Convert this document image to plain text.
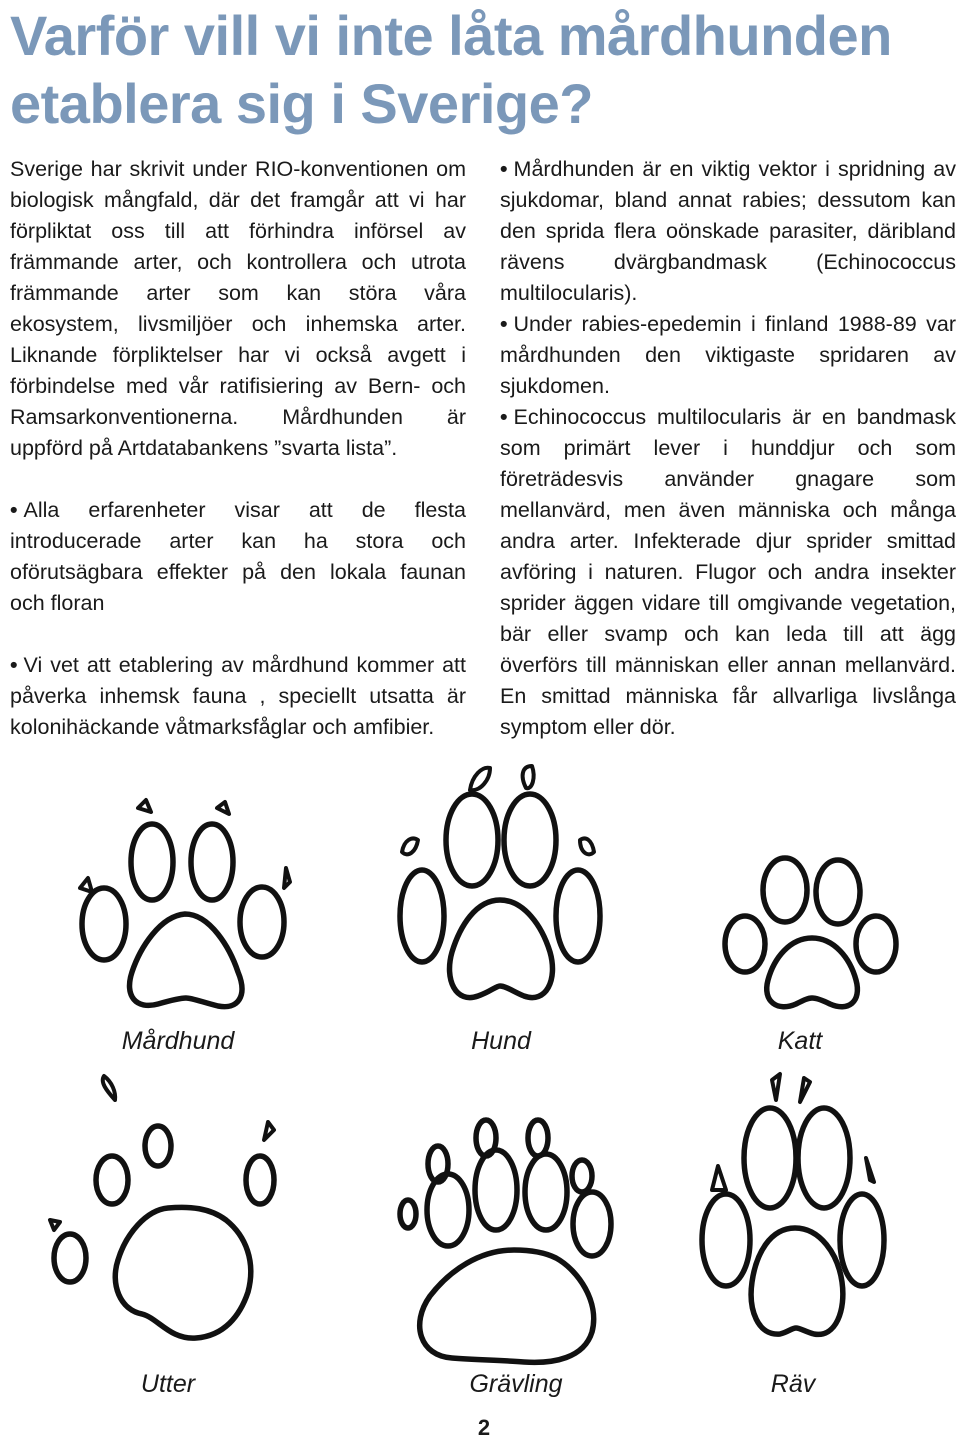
Varför vill vi inte låta mårdhunden etablera sig i Sverige?

Sverige har skrivit under RIO-konventionen om biologisk mångfald, där det framgår att vi har förpliktat oss till att förhindra införsel av främmande arter, och kontrollera och utrota främmande arter som kan störa våra ekosystem, livsmiljöer och inhemska arter. Liknande förpliktelser har vi också avgett i förbindelse med vår ratifisiering av Bern- och Ramsarkonventionerna. Mårdhunden är uppförd på Artdatabankens ”svarta lista”.

• Alla erfarenheter visar att de flesta introducerade arter kan ha stora och oförutsägbara effekter på den lokala faunan och floran

• Vi vet att etablering av mårdhund kommer att påverka inhemsk fauna , speciellt utsatta är kolonihäckande våtmarksfåglar och amfibier.

• Mårdhunden är en viktig vektor i spridning av sjukdomar, bland annat rabies; dessutom kan den sprida flera oönskade parasiter, däribland rävens dvärgbandmask (Echinococcus multilocularis).

• Under rabies-epedemin i finland 1988-89 var mårdhunden den viktigaste spridaren av sjukdomen.

• Echinococcus multilocularis är en bandmask som primärt lever i hunddjur och som företrädesvis använder gnagare som mellanvärd, men även människa och många andra arter. Infekterade djur sprider smittad avföring i naturen. Flugor och andra insekter sprider äggen vidare till omgivande vegetation, bär eller svamp och kan leda till att ägg överförs till människan eller annan mellanvärd. En smittad människa får allvarliga livslånga symptom eller dör.

Mårdhund	Hund	Katt
Utter	Grävling	Räv
2
